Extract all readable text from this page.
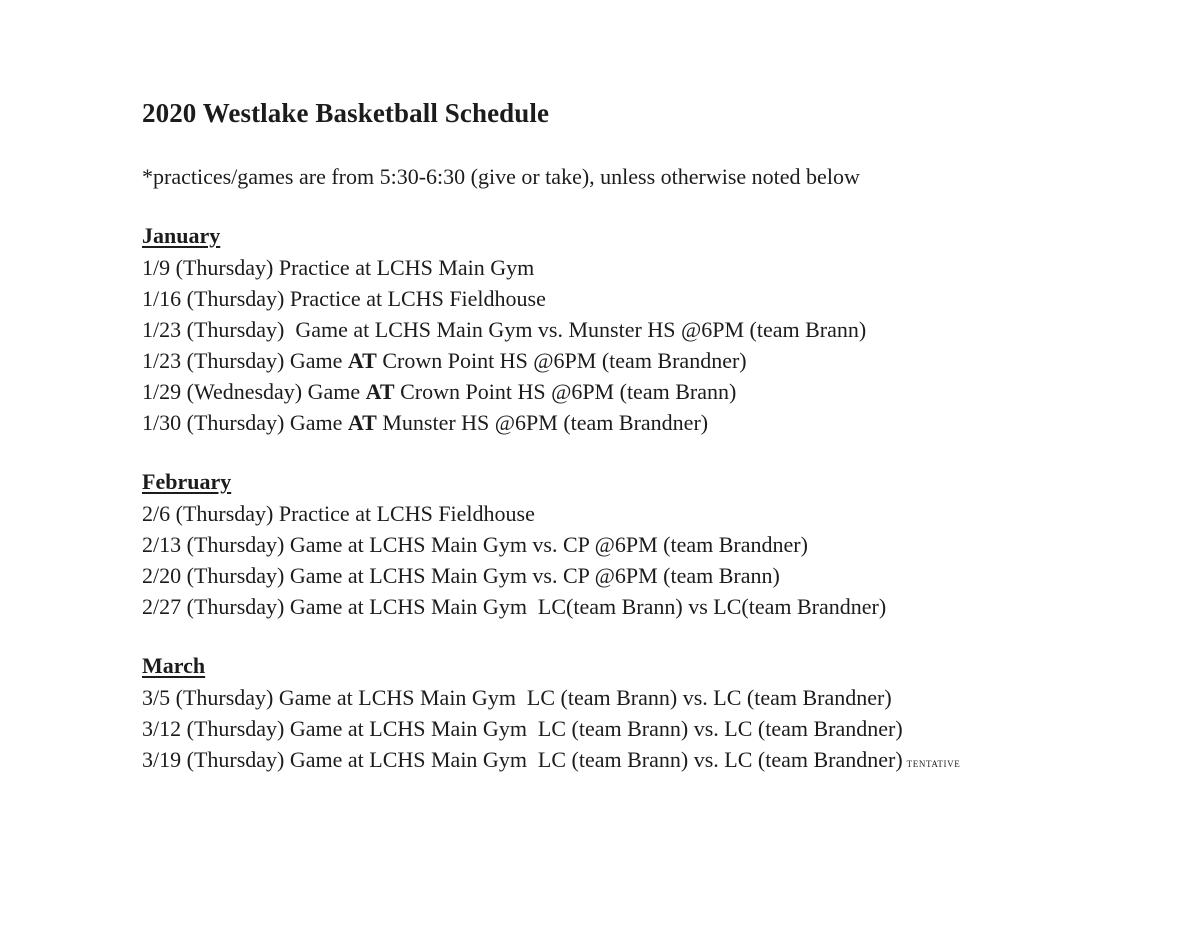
2020 Westlake Basketball Schedule
*practices/games are from 5:30-6:30 (give or take), unless otherwise noted below
January
1/9 (Thursday) Practice at LCHS Main Gym
1/16 (Thursday) Practice at LCHS Fieldhouse
1/23 (Thursday)  Game at LCHS Main Gym vs. Munster HS @6PM (team Brann)
1/23 (Thursday) Game AT Crown Point HS @6PM (team Brandner)
1/29 (Wednesday) Game AT Crown Point HS @6PM (team Brann)
1/30 (Thursday) Game AT Munster HS @6PM (team Brandner)
February
2/6 (Thursday) Practice at LCHS Fieldhouse
2/13 (Thursday) Game at LCHS Main Gym vs. CP @6PM (team Brandner)
2/20 (Thursday) Game at LCHS Main Gym vs. CP @6PM (team Brann)
2/27 (Thursday) Game at LCHS Main Gym  LC(team Brann) vs LC(team Brandner)
March
3/5 (Thursday) Game at LCHS Main Gym  LC (team Brann) vs. LC (team Brandner)
3/12 (Thursday) Game at LCHS Main Gym  LC (team Brann) vs. LC (team Brandner)
3/19 (Thursday) Game at LCHS Main Gym  LC (team Brann) vs. LC (team Brandner) TENTATIVE
